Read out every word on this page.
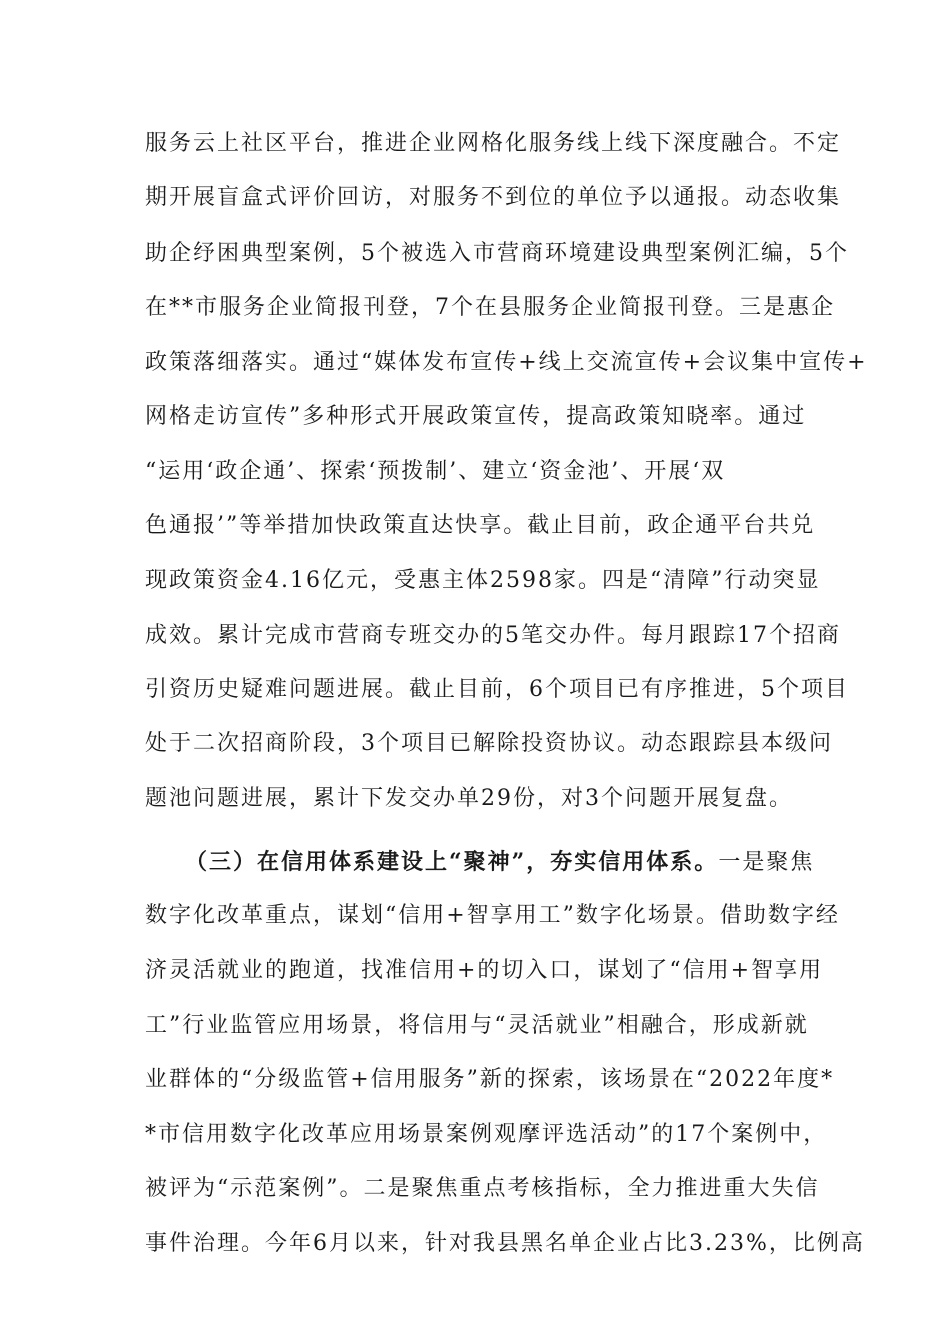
服务云上社区平台，推进企业网格化服务线上线下深度融合。不定
期开展盲盒式评价回访，对服务不到位的单位予以通报。动态收集
助企纾困典型案例，5个被选入市营商环境建设典型案例汇编，5个
在**市服务企业简报刊登，7个在县服务企业简报刊登。三是惠企
政策落细落实。通过“媒体发布宣传+线上交流宣传+会议集中宣传+
网格走访宣传”多种形式开展政策宣传，提高政策知晓率。通过
“运用‘政企通’、探索‘预拨制’、建立‘资金池’、开展‘双
色通报’”等举措加快政策直达快享。截止目前，政企通平台共兑
现政策资金4.16亿元，受惠主体2598家。四是“清障”行动突显
成效。累计完成市营商专班交办的5笔交办件。每月跟踪17个招商
引资历史疑难问题进展。截止目前，6个项目已有序推进，5个项目
处于二次招商阶段，3个项目已解除投资协议。动态跟踪县本级问
题池问题进展，累计下发交办单29份，对3个问题开展复盘。
（三）在信用体系建设上“聚神”，夯实信用体系。一是聚焦
数字化改革重点，谋划“信用+智享用工”数字化场景。借助数字经
济灵活就业的跑道，找准信用+的切入口，谋划了“信用+智享用
工”行业监管应用场景，将信用与“灵活就业”相融合，形成新就
业群体的“分级监管+信用服务”新的探索，该场景在“2022年度*
*市信用数字化改革应用场景案例观摩评选活动”的17个案例中，
被评为“示范案例”。二是聚焦重点考核指标，全力推进重大失信
事件治理。今年6月以来，针对我县黑名单企业占比3.23%，比例高
